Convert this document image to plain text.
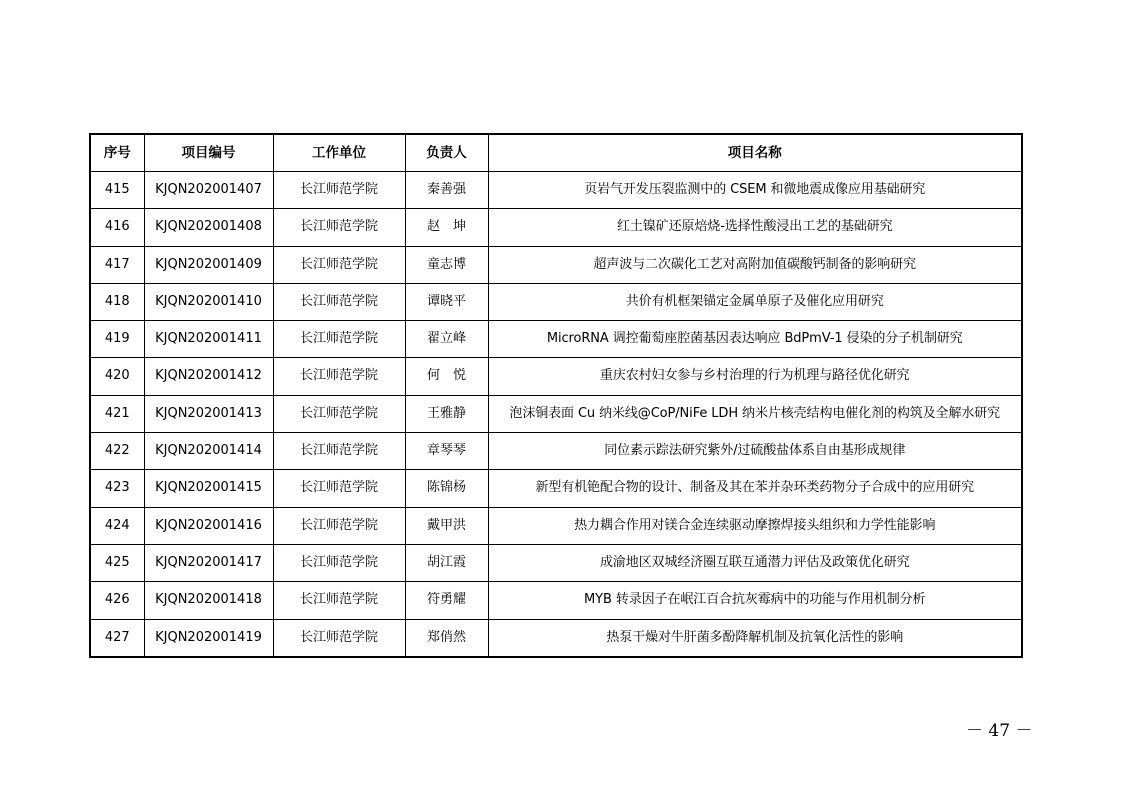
序号	项目编号	工作单位	负责人	项目名称
415	KJQN202001407	长江师范学院	秦善强	页岩气开发压裂监测中的 CSEM 和微地震成像应用基础研究
416	KJQN202001408	长江师范学院	赵　坤	红土镍矿还原焙烧-选择性酸浸出工艺的基础研究
417	KJQN202001409	长江师范学院	童志博	超声波与二次碳化工艺对高附加值碳酸钙制备的影响研究
418	KJQN202001410	长江师范学院	谭晓平	共价有机框架锚定金属单原子及催化应用研究
419	KJQN202001411	长江师范学院	翟立峰	MicroRNA 调控葡萄座腔菌基因表达响应 BdPmV-1 侵染的分子机制研究
420	KJQN202001412	长江师范学院	何　悦	重庆农村妇女参与乡村治理的行为机理与路径优化研究
421	KJQN202001413	长江师范学院	王雅静	泡沫铜表面 Cu 纳米线@CoP/NiFe LDH 纳米片核壳结构电催化剂的构筑及全解水研究
422	KJQN202001414	长江师范学院	章琴琴	同位素示踪法研究紫外/过硫酸盐体系自由基形成规律
423	KJQN202001415	长江师范学院	陈锦杨	新型有机铯配合物的设计、制备及其在苯并杂环类药物分子合成中的应用研究
424	KJQN202001416	长江师范学院	戴甲洪	热力耦合作用对镁合金连续驱动摩擦焊接头组织和力学性能影响
425	KJQN202001417	长江师范学院	胡江霞	成渝地区双城经济圈互联互通潜力评估及政策优化研究
426	KJQN202001418	长江师范学院	符勇耀	MYB 转录因子在岷江百合抗灰霉病中的功能与作用机制分析
427	KJQN202001419	长江师范学院	郑俏然	热泵干燥对牛肝菌多酚降解机制及抗氧化活性的影响
－ 47 －
